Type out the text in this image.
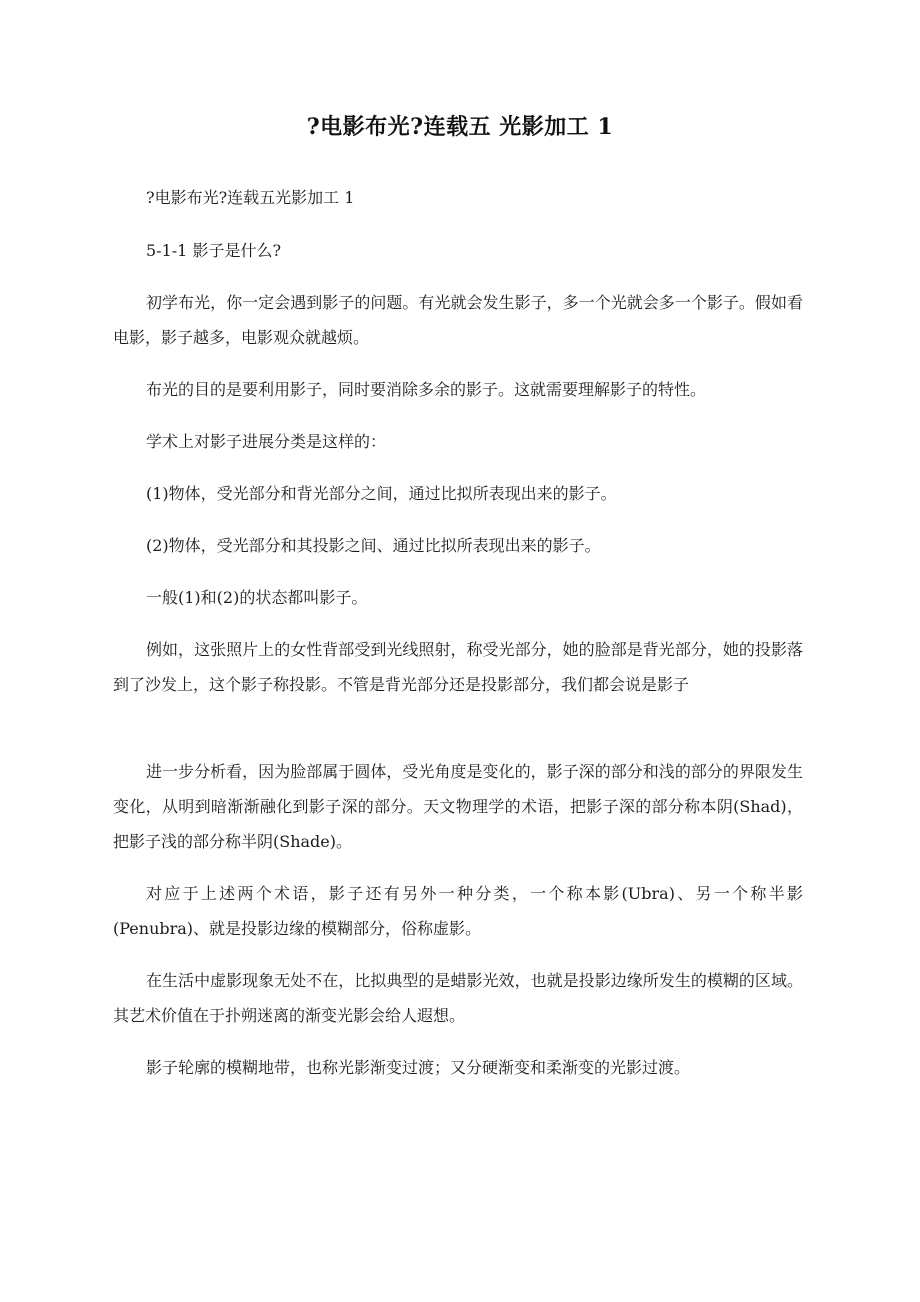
?电影布光?连载五 光影加工 1

?电影布光?连载五光影加工 1

5-1-1 影子是什么?

初学布光，你一定会遇到影子的问题。有光就会发生影子，多一个光就会多一个影子。假如看电影，影子越多，电影观众就越烦。

布光的目的是要利用影子，同时要消除多余的影子。这就需要理解影子的特性。

学术上对影子进展分类是这样的：

(1)物体，受光部分和背光部分之间，通过比拟所表现出来的影子。

(2)物体，受光部分和其投影之间、通过比拟所表现出来的影子。

一般(1)和(2)的状态都叫影子。

例如，这张照片上的女性背部受到光线照射，称受光部分，她的脸部是背光部分，她的投影落到了沙发上，这个影子称投影。不管是背光部分还是投影部分，我们都会说是影子

进一步分析看，因为脸部属于圆体，受光角度是变化的，影子深的部分和浅的部分的界限发生变化，从明到暗渐渐融化到影子深的部分。天文物理学的术语，把影子深的部分称本阴(Shad)，把影子浅的部分称半阴(Shade)。

对应于上述两个术语，影子还有另外一种分类，一个称本影(Ubra)、另一个称半影(Penubra)、就是投影边缘的模糊部分，俗称虚影。

在生活中虚影现象无处不在，比拟典型的是蜡影光效，也就是投影边缘所发生的模糊的区域。其艺术价值在于扑朔迷离的渐变光影会给人遐想。

影子轮廓的模糊地带，也称光影渐变过渡；又分硬渐变和柔渐变的光影过渡。
